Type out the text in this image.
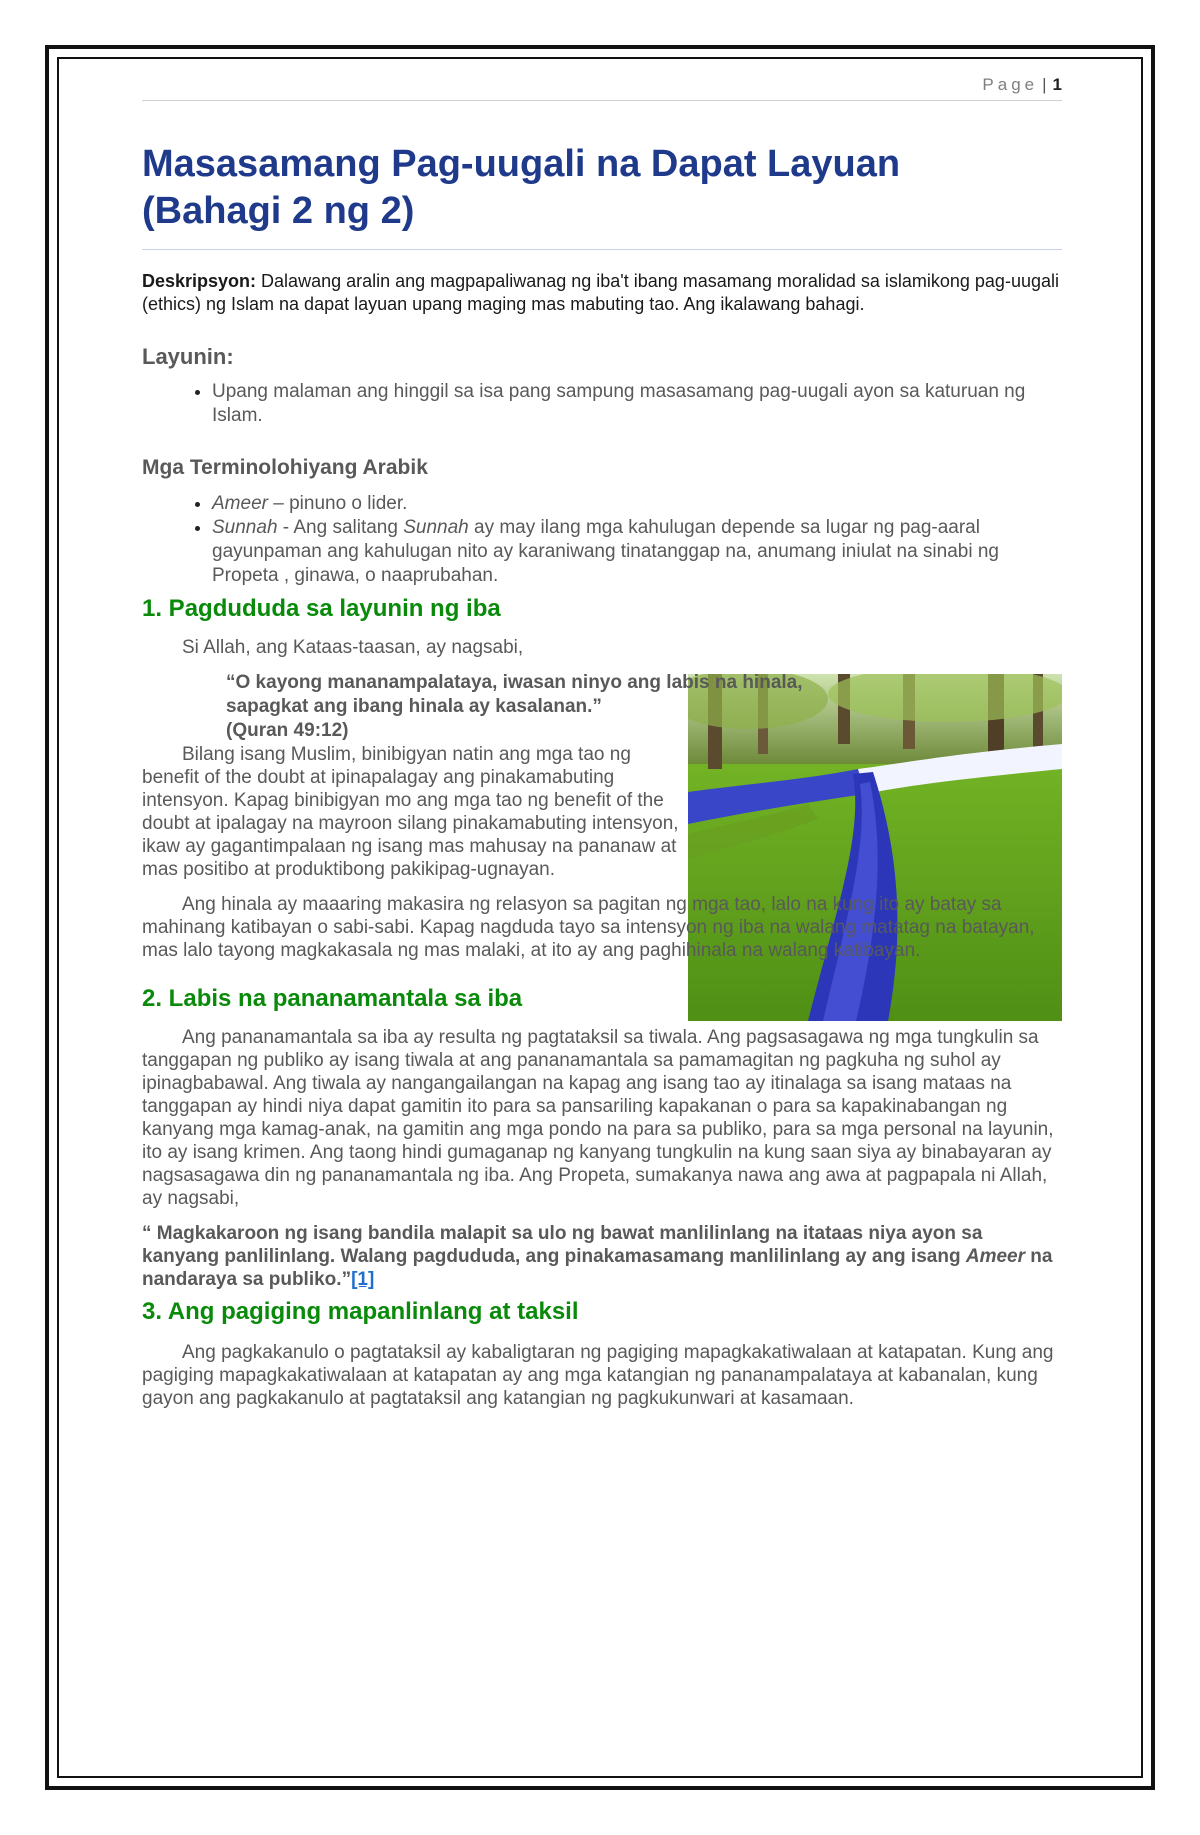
Page | 1
Masasamang Pag-uugali na Dapat Layuan
(Bahagi 2 ng 2)
Deskripsyon: Dalawang aralin ang magpapaliwanag ng iba't ibang masamang moralidad sa islamikong pag-uugali (ethics) ng Islam na dapat layuan upang maging mas mabuting tao. Ang ikalawang bahagi.
Layunin:
• Upang malaman ang hinggil sa isa pang sampung masasamang pag-uugali ayon sa katuruan ng Islam.
Mga Terminolohiyang Arabik
• Ameer – pinuno o lider.
• Sunnah - Ang salitang Sunnah ay may ilang mga kahulugan depende sa lugar ng pag-aaral gayunpaman ang kahulugan nito ay karaniwang tinatanggap na, anumang iniulat na sinabi ng Propeta , ginawa, o naaprubahan.
1. Pagdududa sa layunin ng iba

Si Allah, ang Kataas-taasan, ay nagsabi,

“O kayong mananampalataya, iwasan ninyo ang labis na hinala,
sapagkat ang ibang hinala ay kasalanan.”
(Quran 49:12)

Bilang isang Muslim, binibigyan natin ang mga tao ng benefit of the doubt at ipinapalagay ang pinakamabuting intensyon. Kapag binibigyan mo ang mga tao ng benefit of the doubt at ipalagay na mayroon silang pinakamabuting intensyon, ikaw ay gagantimpalaan ng isang mas mahusay na pananaw at mas positibo at produktibong pakikipag-ugnayan.

Ang hinala ay maaaring makasira ng relasyon sa pagitan ng mga tao, lalo na kung ito ay batay sa mahinang katibayan o sabi-sabi. Kapag nagduda tayo sa intensyon ng iba na walang matatag na batayan, mas lalo tayong magkakasala ng mas malaki, at ito ay ang paghihinala na walang katibayan.

2. Labis na pananamantala sa iba

Ang pananamantala sa iba ay resulta ng pagtataksil sa tiwala. Ang pagsasagawa ng mga tungkulin sa tanggapan ng publiko ay isang tiwala at ang pananamantala sa pamamagitan ng pagkuha ng suhol ay ipinagbabawal. Ang tiwala ay nangangailangan na kapag ang isang tao ay itinalaga sa isang mataas na tanggapan ay hindi niya dapat gamitin ito para sa pansariling kapakanan o para sa kapakinabangan ng kanyang mga kamag-anak, na gamitin ang mga pondo na para sa publiko, para sa mga personal na layunin, ito ay isang krimen. Ang taong hindi gumaganap ng kanyang tungkulin na kung saan siya ay binabayaran ay nagsasagawa din ng pananamantala ng iba. Ang Propeta, sumakanya nawa ang awa at pagpapala ni Allah, ay nagsabi,

“ Magkakaroon ng isang bandila malapit sa ulo ng bawat manlilinlang na itataas niya ayon sa kanyang panlilinlang. Walang pagdududa, ang pinakamasamang manlilinlang ay ang isang Ameer na nandaraya sa publiko.”[1]

3. Ang pagiging mapanlinlang at taksil

Ang pagkakanulo o pagtataksil ay kabaligtaran ng pagiging mapagkakatiwalaan at katapatan. Kung ang pagiging mapagkakatiwalaan at katapatan ay ang mga katangian ng pananampalataya at kabanalan, kung gayon ang pagkakanulo at pagtataksil ang katangian ng pagkukunwari at kasamaan.
